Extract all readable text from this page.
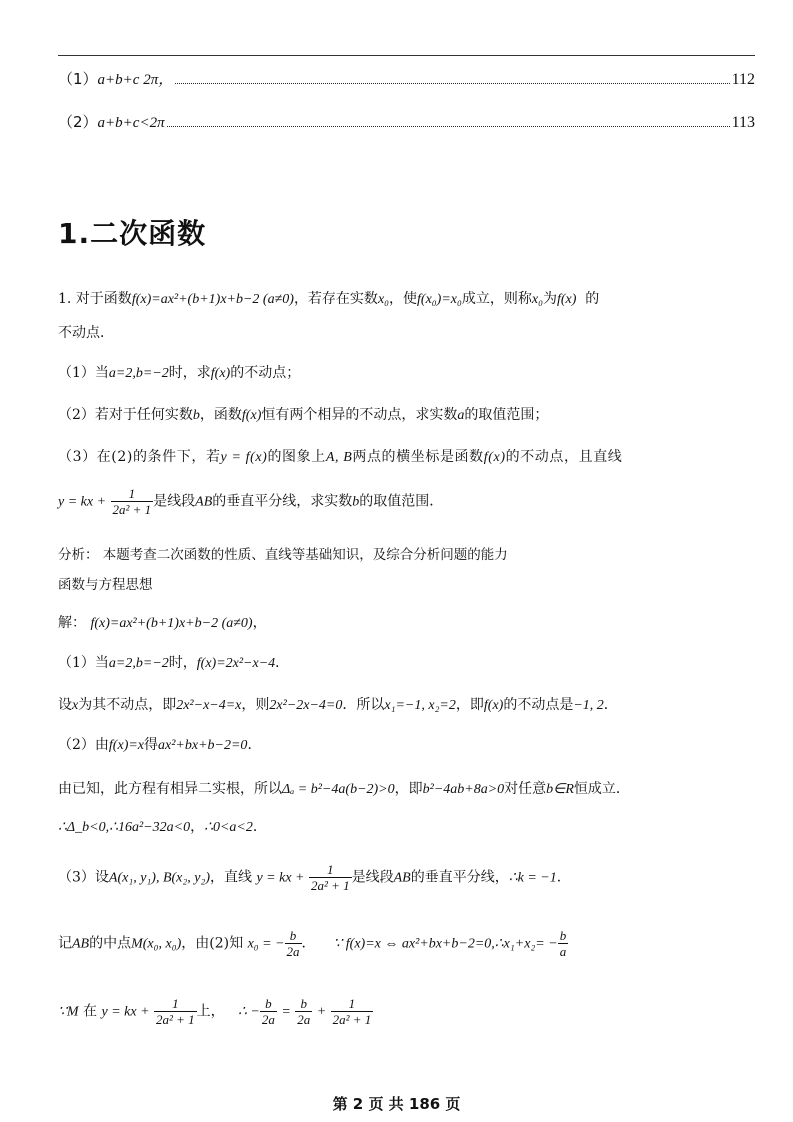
（1） a+b+c 2π，	112
（2） a+b+c<2π	113
1.二次函数
1. 对于函数f(x)=ax²+(b+1)x+b−2 (a≠0)，若存在实数x₀，使f(x₀)=x₀成立，则称x₀为f(x) 的
不动点．
（1）当a=2,b=−2时，求f(x)的不动点；
（2）若对于任何实数b，函数f(x)恒有两个相异的不动点，求实数a的取值范围；
（3）在(2)的条件下，若y = f(x)的图象上A, B两点的横坐标是函数f(x)的不动点，且直线
y = kx + $\frac{1}{\text{2a² + 1}}$ 是线段AB的垂直平分线，求实数b的取值范围．
分析： 本题考查二次函数的性质、直线等基础知识，及综合分析问题的能力
函数与方程思想
解： f(x)=ax²+(b+1)x+b−2 (a≠0)，
（1）当a=2,b=−2时，f(x)=2x²−x−4．
设x为其不动点，即2x²−x−4=x，则2x²−2x−4=0．所以x₁=−1, x₂=2，即f(x)的不动点是−1, 2．
（2）由f(x)=x得ax²+bx+b−2=0．
由已知，此方程有相异二实根，所以Δₐ = b²−4a(b−2)>0，即b²−4ab+8a>0对任意b∈R恒成立．
∴Δ_b<0,∴16a²−32a<0，∴0<a<2．
（3）设A(x₁, y₁), B(x₂, y₂)，直线 y = kx + $\frac{1}{\text{2a² + 1}}$ 是线段AB的垂直平分线，∴k = −1．
记AB的中点M(x₀, x₀)，由(2)知 x₀ = − $\frac{b}{2a}$ ． ∵ f(x)=x ⇔ ax²+bx+b−2=0,∴x₁+x₂= − $\frac{b}{a}$
∵M 在 y = kx + $\frac{1}{\text{2a² + 1}}$ 上， ∴ − $\frac{b}{2a} = \frac{b}{2a} + \frac{1}{\text{2a² + 1}}$
第 2 页 共 186 页
